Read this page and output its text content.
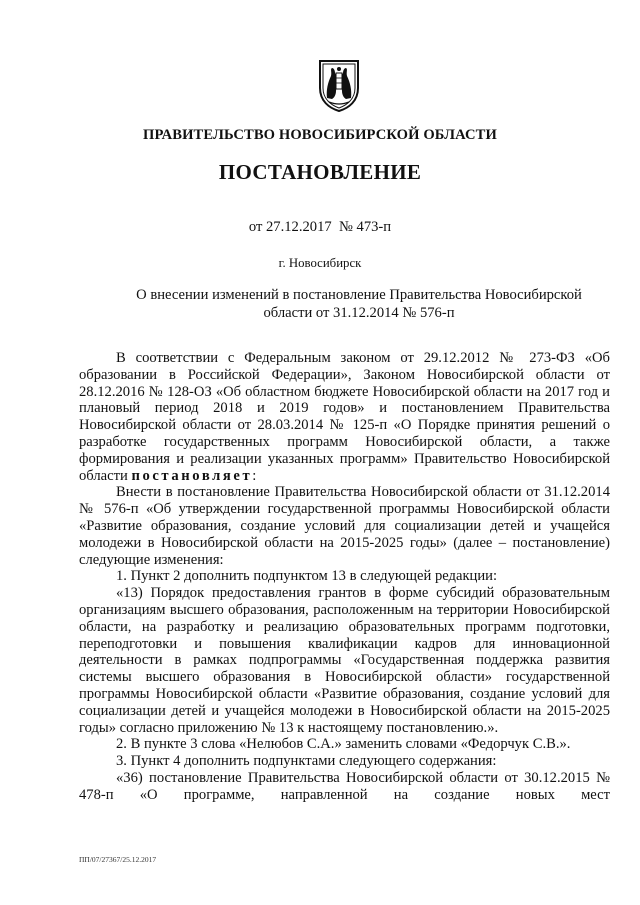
ПРАВИТЕЛЬСТВО НОВОСИБИРСКОЙ ОБЛАСТИ
ПОСТАНОВЛЕНИЕ
от 27.12.2017  № 473-п
г. Новосибирск
О внесении изменений в постановление Правительства Новосибирской области от 31.12.2014 № 576-п

В соответствии с Федеральным законом от 29.12.2012 № 273-ФЗ «Об образовании в Российской Федерации», Законом Новосибирской области от 28.12.2016 № 128-ОЗ «Об областном бюджете Новосибирской области на 2017 год и плановый период 2018 и 2019 годов» и постановлением Правительства Новосибирской области от 28.03.2014 № 125-п «О Порядке принятия решений о разработке государственных программ Новосибирской области, а также формирования и реализации указанных программ» Правительство Новосибирской

области постановляет:

Внести в постановление Правительства Новосибирской области от 31.12.2014 № 576-п «Об утверждении государственной программы Новосибирской области «Развитие образования, создание условий для социализации детей и учащейся молодежи в Новосибирской области на 2015-2025 годы» (далее – постановление) следующие изменения:

1. Пункт 2 дополнить подпунктом 13 в следующей редакции:

«13) Порядок предоставления грантов в форме субсидий образовательным организациям высшего образования, расположенным на территории Новосибирской области, на разработку и реализацию образовательных программ подготовки, переподготовки и повышения квалификации кадров для инновационной деятельности в рамках подпрограммы «Государственная поддержка развития системы высшего образования в Новосибирской области» государственной программы Новосибирской области «Развитие образования, создание условий для социализации детей и учащейся молодежи в Новосибирской области на 2015-2025 годы» согласно приложению № 13 к настоящему постановлению.».

2. В пункте 3 слова «Нелюбов С.А.» заменить словами «Федорчук С.В.».

3. Пункт 4 дополнить подпунктами следующего содержания:

«36) постановление Правительства Новосибирской области от 30.12.2015 № 478-п «О программе, направленной на создание новых мест

ПП/07/27367/25.12.2017
